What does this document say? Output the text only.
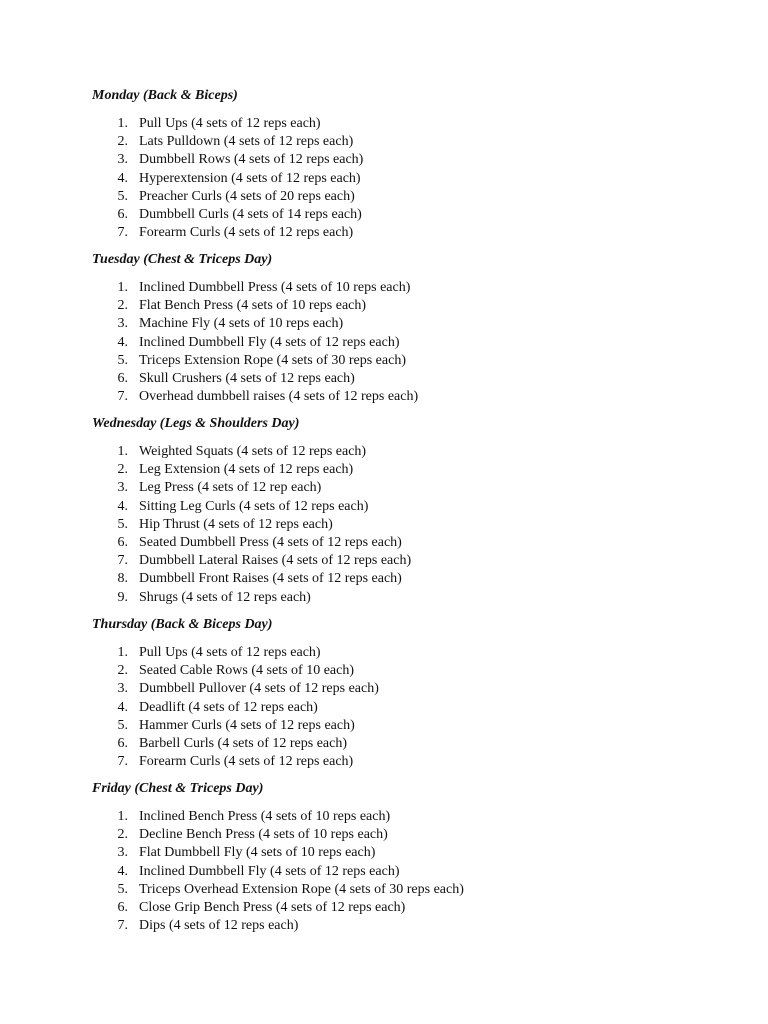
Monday (Back & Biceps)
1. Pull Ups (4 sets of 12 reps each)
2. Lats Pulldown (4 sets of 12 reps each)
3. Dumbbell Rows (4 sets of 12 reps each)
4. Hyperextension (4 sets of 12 reps each)
5. Preacher Curls (4 sets of 20 reps each)
6. Dumbbell Curls (4 sets of 14 reps each)
7. Forearm Curls (4 sets of 12 reps each)
Tuesday (Chest & Triceps Day)
1. Inclined Dumbbell Press (4 sets of 10 reps each)
2. Flat Bench Press (4 sets of 10 reps each)
3. Machine Fly (4 sets of 10 reps each)
4. Inclined Dumbbell Fly (4 sets of 12 reps each)
5. Triceps Extension Rope (4 sets of 30 reps each)
6. Skull Crushers (4 sets of 12 reps each)
7. Overhead dumbbell raises (4 sets of 12 reps each)
Wednesday (Legs & Shoulders Day)
1. Weighted Squats (4 sets of 12 reps each)
2. Leg Extension (4 sets of 12 reps each)
3. Leg Press (4 sets of 12 rep each)
4. Sitting Leg Curls (4 sets of 12 reps each)
5. Hip Thrust (4 sets of 12 reps each)
6. Seated Dumbbell Press (4 sets of 12 reps each)
7. Dumbbell Lateral Raises (4 sets of 12 reps each)
8. Dumbbell Front Raises (4 sets of 12 reps each)
9. Shrugs (4 sets of 12 reps each)
Thursday (Back & Biceps Day)
1. Pull Ups (4 sets of 12 reps each)
2. Seated Cable Rows (4 sets of 10 each)
3. Dumbbell Pullover (4 sets of 12 reps each)
4. Deadlift (4 sets of 12 reps each)
5. Hammer Curls (4 sets of 12 reps each)
6. Barbell Curls (4 sets of 12 reps each)
7. Forearm Curls (4 sets of 12 reps each)
Friday (Chest & Triceps Day)
1. Inclined Bench Press (4 sets of 10 reps each)
2. Decline Bench Press (4 sets of 10 reps each)
3. Flat Dumbbell Fly (4 sets of 10 reps each)
4. Inclined Dumbbell Fly (4 sets of 12 reps each)
5. Triceps Overhead Extension Rope (4 sets of 30 reps each)
6. Close Grip Bench Press (4 sets of 12 reps each)
7. Dips (4 sets of 12 reps each)
